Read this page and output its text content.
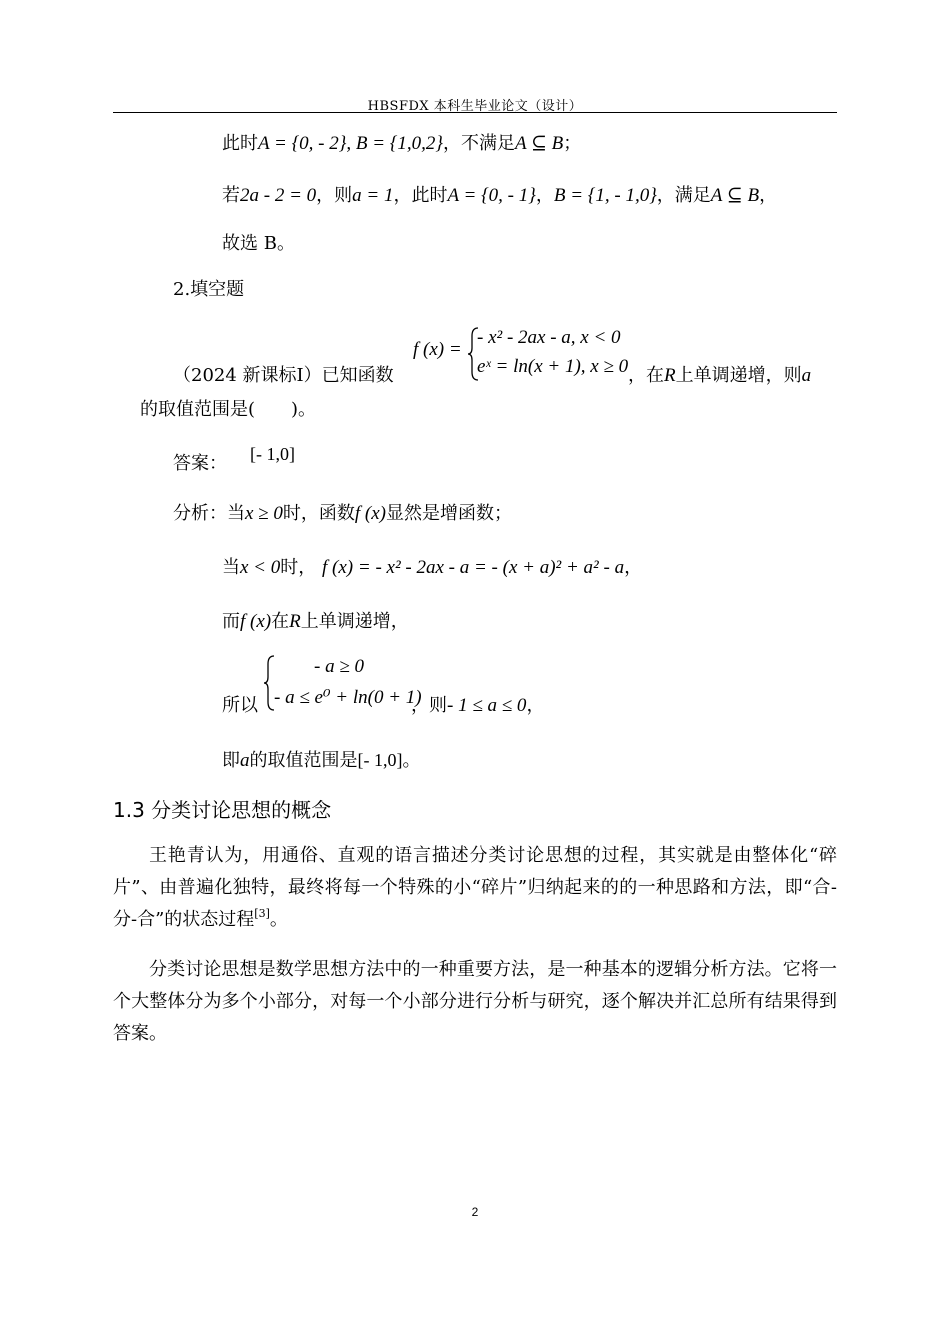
HBSFDX 本科生毕业论文（设计）
此时A = {0, - 2}, B = {1,0,2}，不满足A ⊆ B；
若2a - 2 = 0，则a = 1，此时A = {0, - 1}，B = {1, - 1,0}，满足A ⊆ B，
故选 B。
2.填空题
（2024 新课标Ⅰ）已知函数
f (x) =
- x² - 2ax - a, x < 0
eˣ = ln(x + 1), x ≥ 0 ，在R上单调递增，则a
的取值范围是(　　)。
答案： [- 1,0]
分析：当x ≥ 0时，函数f (x)显然是增函数；
当x < 0时， f (x) = - x² - 2ax - a = - (x + a)² + a² - a，
而f (x)在R上单调递增，
所以
- a ≥ 0
- a ≤ e⁰ + ln(0 + 1)
，则- 1 ≤ a ≤ 0，
即a的取值范围是[- 1,0]。
1.3 分类讨论思想的概念
王艳青认为，用通俗、直观的语言描述分类讨论思想的过程，其实就是由整体化“碎片”、由普遍化独特，最终将每一个特殊的小“碎片”归纳起来的的一种思路和方法，即“合-分-合”的状态过程[3]。
分类讨论思想是数学思想方法中的一种重要方法，是一种基本的逻辑分析方法。它将一个大整体分为多个小部分，对每一个小部分进行分析与研究，逐个解决并汇总所有结果得到答案。
2
